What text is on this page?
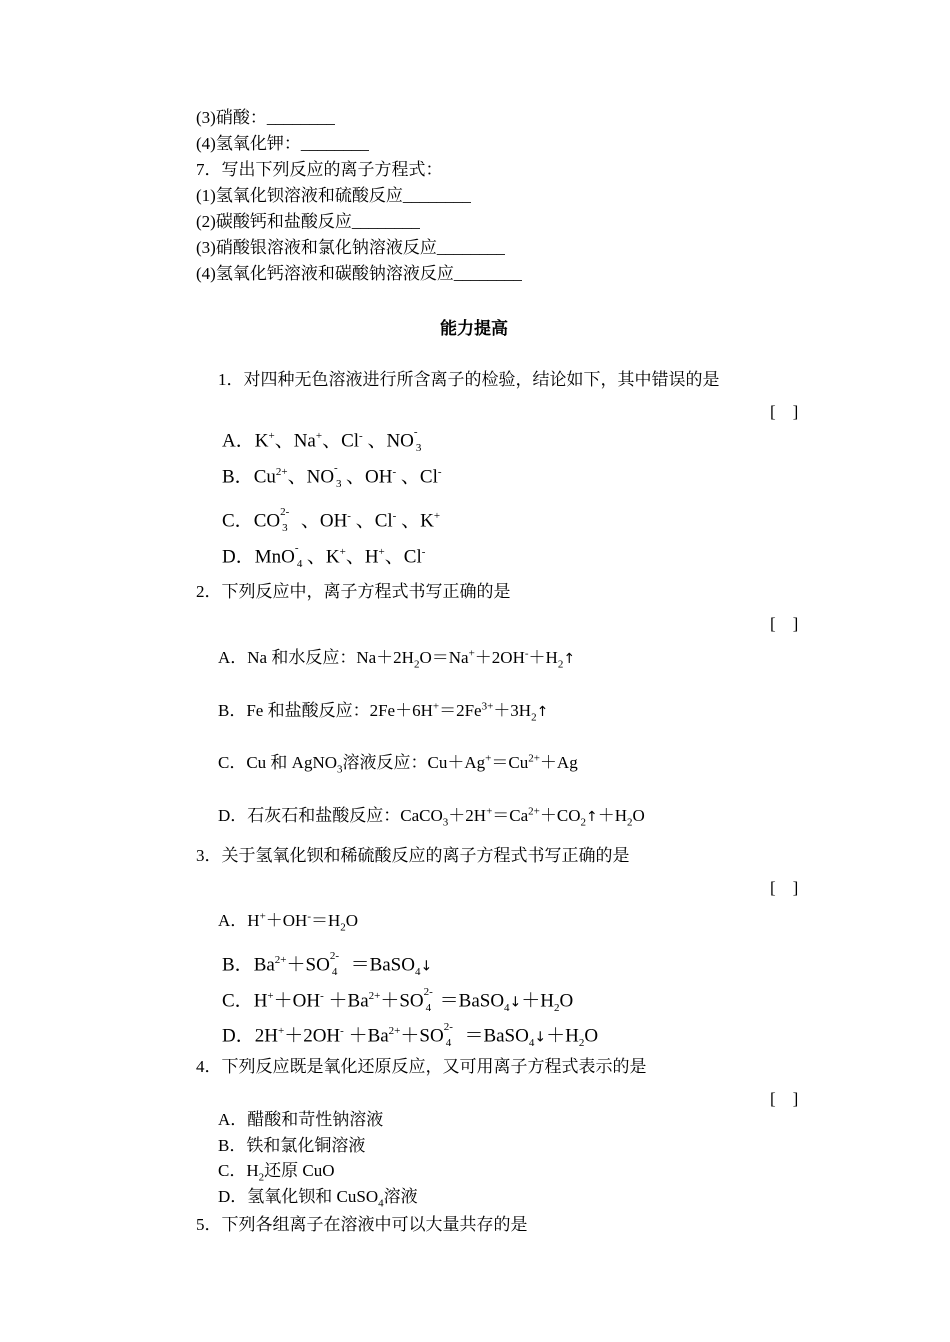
(3)硝酸：________
(4)氢氧化钾：________
7．写出下列反应的离子方程式：
(1)氢氧化钡溶液和硫酸反应________
(2)碳酸钙和盐酸反应________
(3)硝酸银溶液和氯化钠溶液反应________
(4)氢氧化钙溶液和碳酸钠溶液反应________
能力提高
1．对四种无色溶液进行所含离子的检验，结论如下，其中错误的是
[　]
A．K+、Na+、Cl- 、NO -
3
B．$Cu^{2+}$、NO -
3 、OH- 、Cl-
C．CO 2-
3 、OH- 、Cl- 、K+
D．MnO -
4 、K+、H+、Cl-
2．下列反应中，离子方程式书写正确的是
[　]
A．Na 和水反应：$Na+2H_2O=Na^++2OH^-+H_2↑$
B．Fe 和盐酸反应：$2Fe+6H^+=2Fe^{3+}+3H_2↑$
C．Cu 和 AgNO$_3$溶液反应：$Cu+Ag^+=Cu^{2+}+Ag$
D．石灰石和盐酸反应：$CaCO_3+2H^+=Ca^{2+}+CO_2↑+H_2O$
3．关于氢氧化钡和稀硫酸反应的离子方程式书写正确的是
[　]
A．$H^++OH^-=H_2O$
B．$Ba^{2+}+SO$ 2-
4 ＝BaSO$_4$↓
C．$H^++OH^- +Ba^{2+}+SO$ 2-
$4 =BaSO_4↓+H_2O$
D．$2H^++2OH^- +Ba^{2+}+SO$ 2-
$4 =BaSO_4↓+H_2O$
4．下列反应既是氧化还原反应，又可用离子方程式表示的是
[　]
A．醋酸和苛性钠溶液
B．铁和氯化铜溶液
C．$H_2$还原 CuO
D．氢氧化钡和 CuSO$_4$溶液
5．下列各组离子在溶液中可以大量共存的是
